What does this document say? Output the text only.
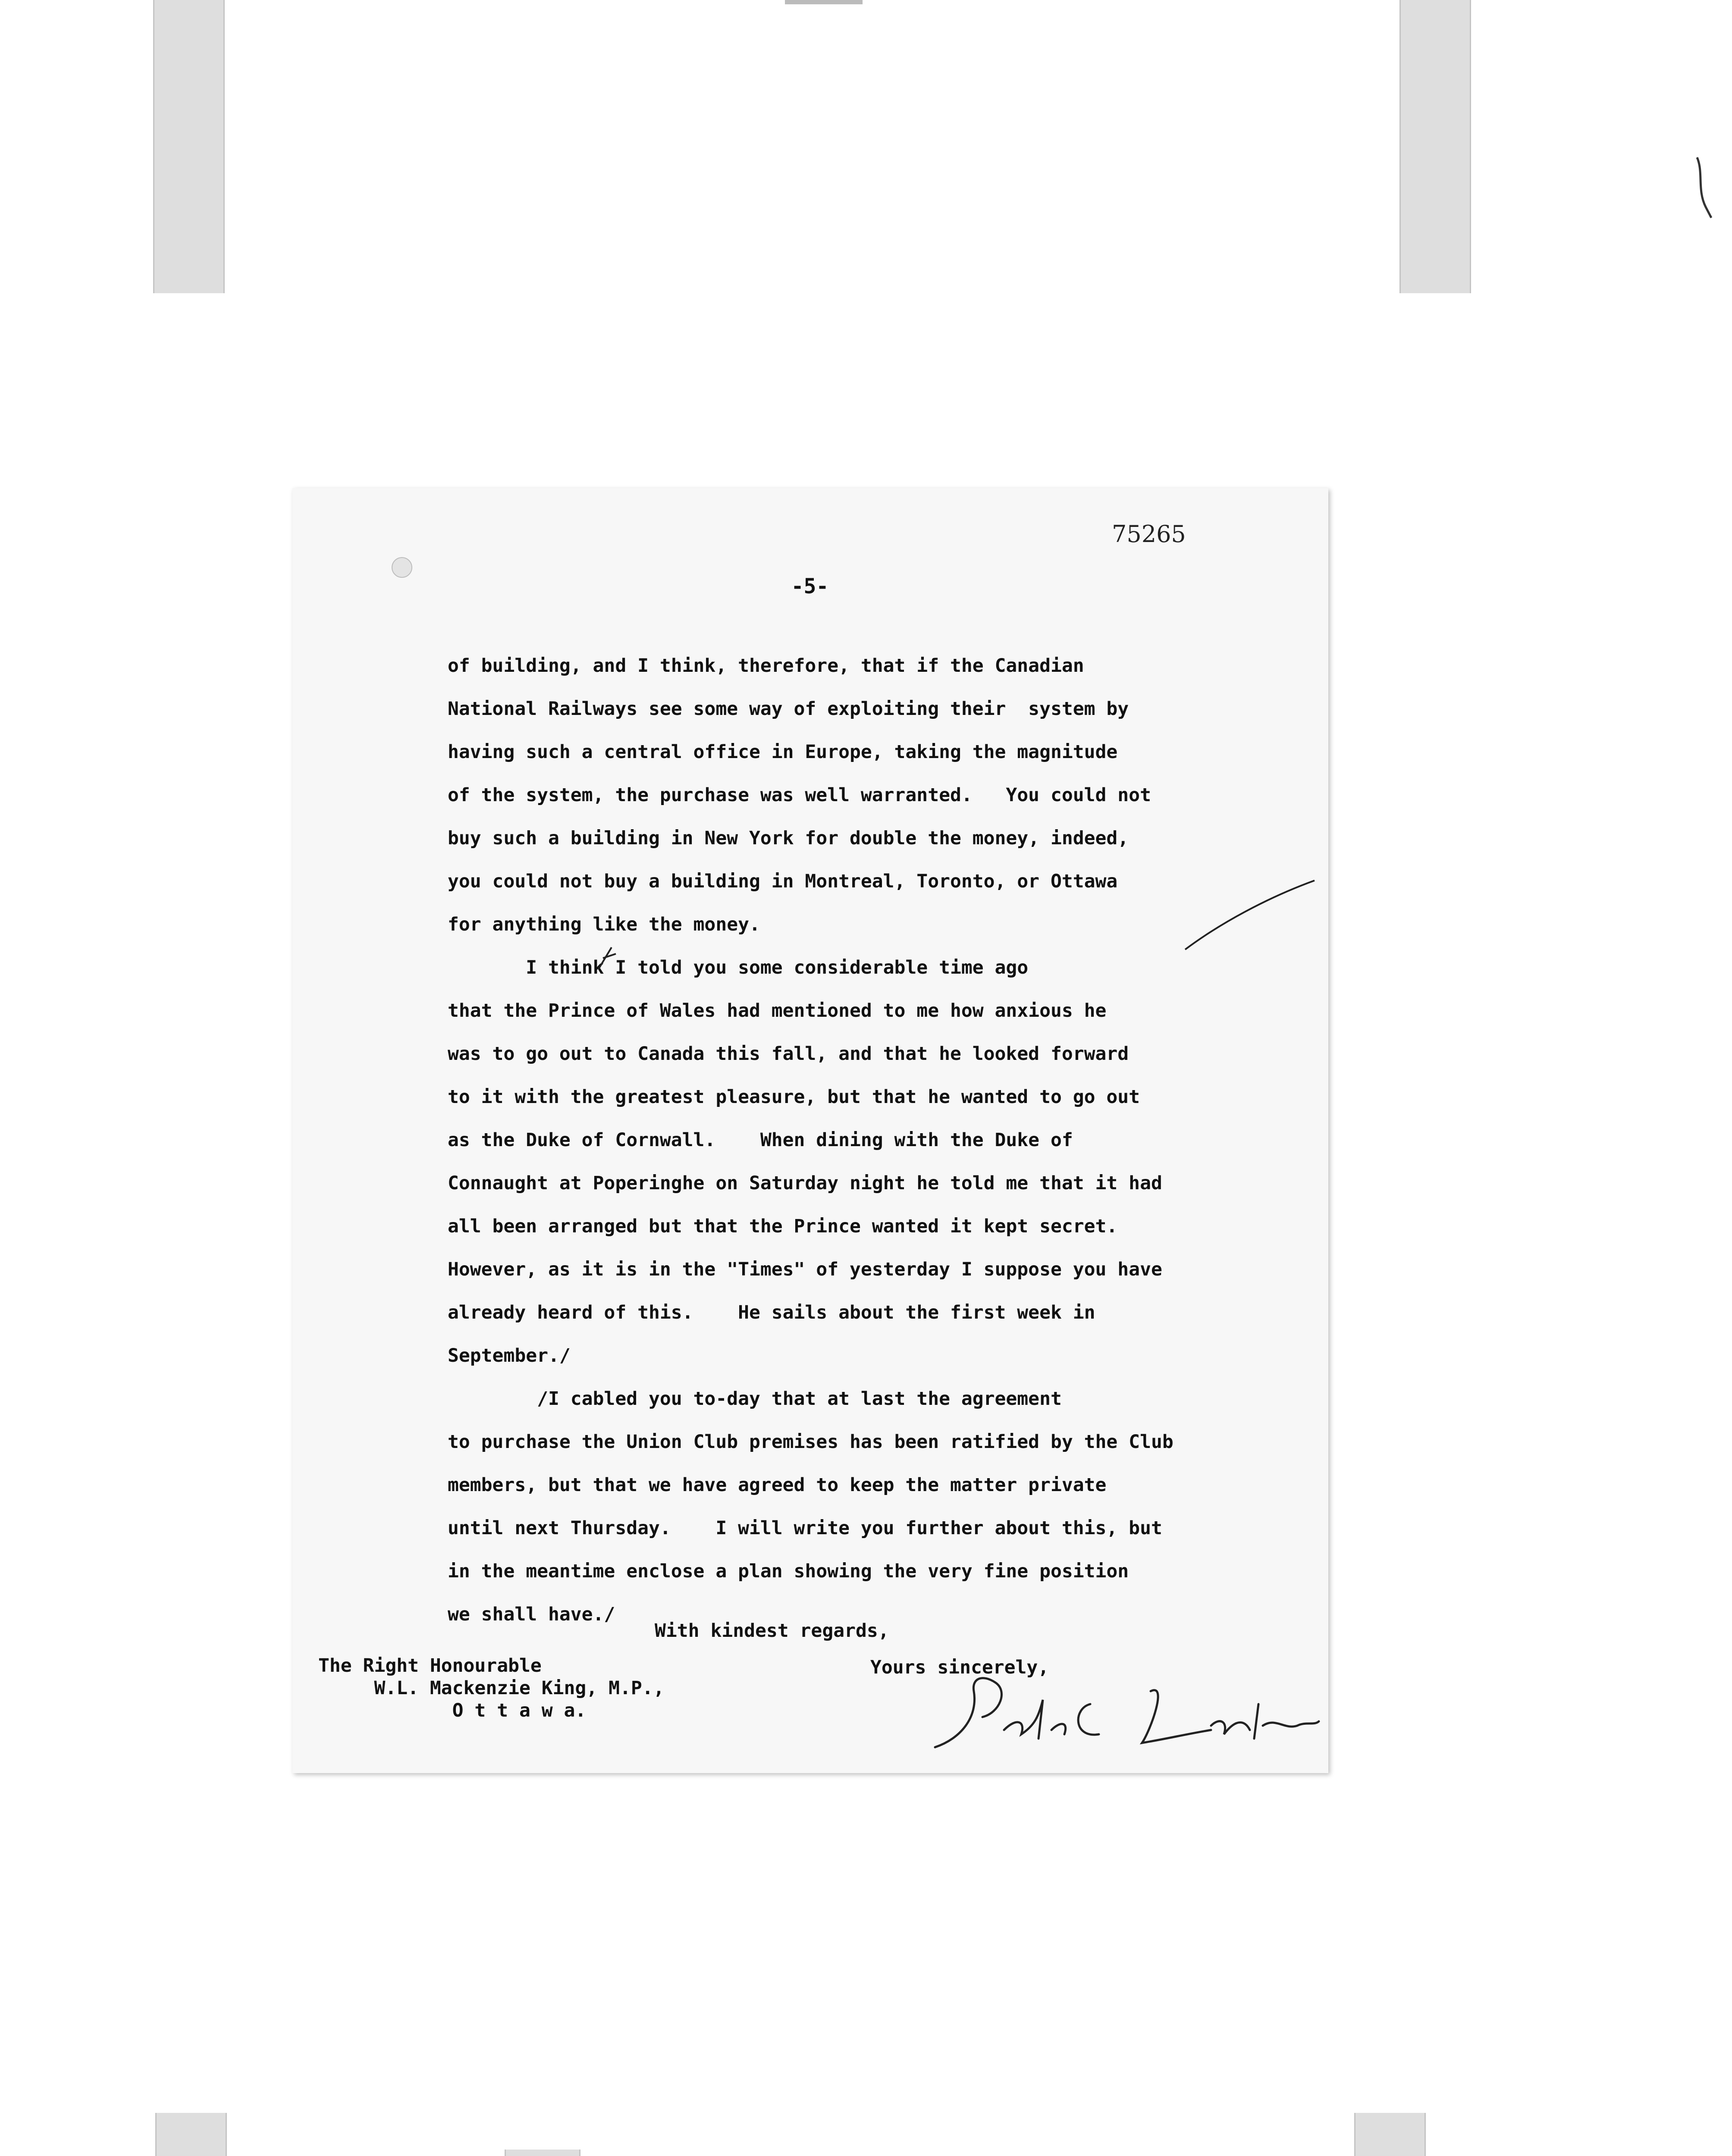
75265
-5-
of building, and I think, therefore, that if the Canadian
National Railways see some way of exploiting their  system by
having such a central office in Europe, taking the magnitude
of the system, the purchase was well warranted.   You could not
buy such a building in New York for double the money, indeed,
you could not buy a building in Montreal, Toronto, or Ottawa
for anything like the money.
I think I told you some considerable time ago
that the Prince of Wales had mentioned to me how anxious he
was to go out to Canada this fall, and that he looked forward
to it with the greatest pleasure, but that he wanted to go out
as the Duke of Cornwall.    When dining with the Duke of
Connaught at Poperinghe on Saturday night he told me that it had
all been arranged but that the Prince wanted it kept secret.
However, as it is in the "Times" of yesterday I suppose you have
already heard of this.    He sails about the first week in
September./
/I cabled you to-day that at last the agreement
to purchase the Union Club premises has been ratified by the Club
members, but that we have agreed to keep the matter private
until next Thursday.    I will write you further about this, but
in the meantime enclose a plan showing the very fine position
we shall have./
With kindest regards,
Yours sincerely,
The Right Honourable
W.L. Mackenzie King, M.P.,
O t t a w a.
